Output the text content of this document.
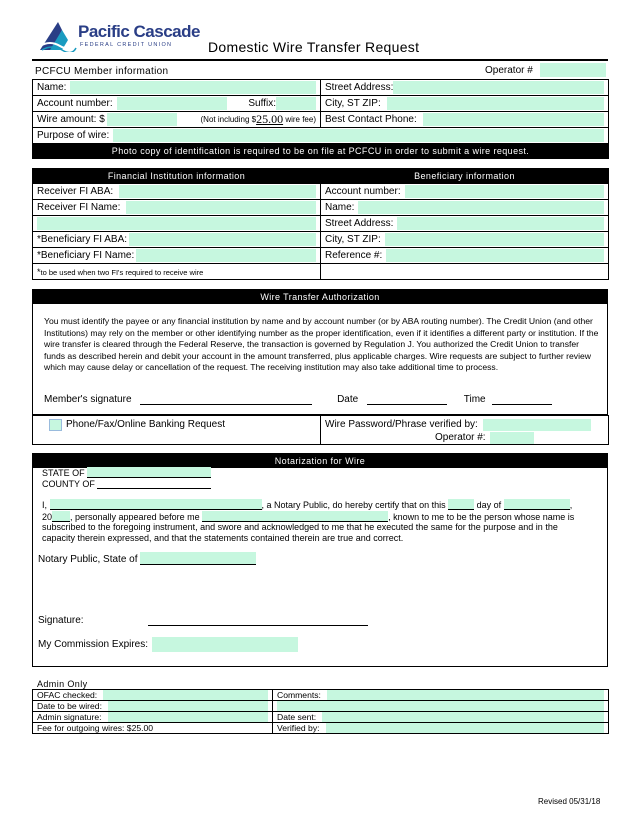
Pacific Cascade
FEDERAL CREDIT UNION	Domestic Wire Transfer Request
PCFCU Member information	Operator #
Name:	Street Address:

Account number: Suffix:	City, ST ZIP:

Wire amount: $ (Not including $ 25.00 wire fee)	Best Contact Phone:

Purpose of wire:	

Photo copy of identification is required to be on file at PCFCU in order to submit a wire request.	
Financial Institution information	Beneficiary information

Receiver FI ABA:	Account number:

Receiver FI Name:	Name:

	Street Address:

*Beneficiary FI ABA:	City, ST ZIP:

*Beneficiary FI Name:	Reference #:

*to be used when two FI's required to receive wire	
Wire Transfer Authorization
You must identify the payee or any financial institution by name and by account number (or by ABA routing number). The Credit Union (and other Institutions) may rely on the member or other identifying number as the proper identification, even if it identifies a different party or institution. If the wire transfer is cleared through the Federal Reserve, the transaction is governed by Regulation J. You authorized the Credit Union to transfer funds as described herein and debit your account in the amount transferred, plus applicable charges. Wire requests are subject to further review which may cause delay or cancellation of the request. The receiving institution may also take additional time to process.
Member's signature	Date	Time
Phone/Fax/Online Banking Request	Wire Password/Phrase verified by:
Operator #:
Notarization for Wire
STATE OF
COUNTY OF
I,	, a Notary Public, do hereby certify that on this	day of	,
20 , personally appeared before me	, known to me to be the person whose name is
subscribed to the foregoing instrument, and swore and acknowledged to me that he executed the same for the purpose and in the
capacity therein expressed, and that the statements contained therein are true and correct.
Notary Public, State of
Signature:
My Commission Expires:
Admin Only
OFAC checked:	Comments:

Date to be wired:	

Admin signature:	Date sent:

Fee for outgoing wires: $25.00	Verified by:
Revised 05/31/18
